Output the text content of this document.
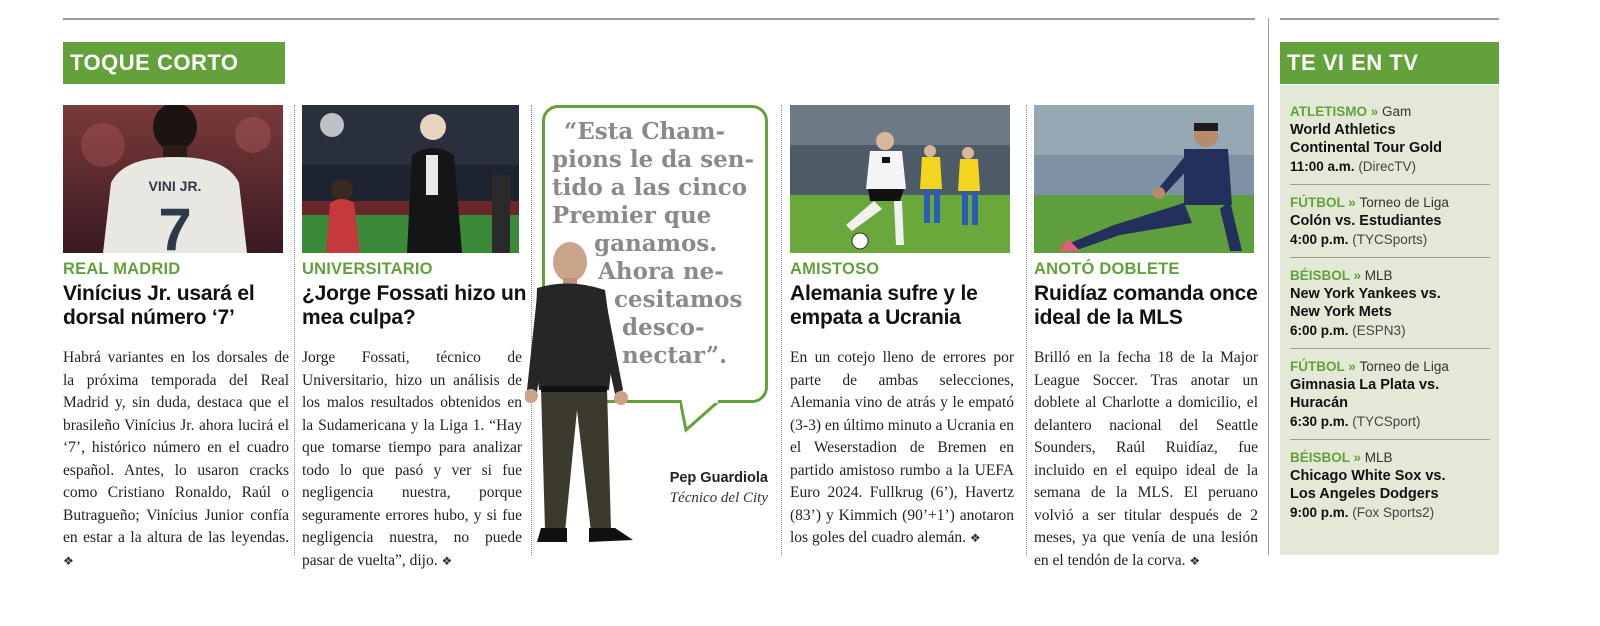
TOQUE CORTO	TE VI EN TV
VINI JR.
7
REAL MADRID
Vinícius Jr. usará el dorsal número ‘7’
Habrá variantes en los dorsales de la próxima temporada del Real Madrid y, sin duda, destaca que el brasileño Vinícius Jr. ahora lucirá el ‘7’, histórico número en el cuadro español. Antes, lo usaron cracks como Cristiano Ronaldo, Raúl o Butragueño; Vinícius Junior confía en estar a la altura de las leyendas. ❖
UNIVERSITARIO
¿Jorge Fossati hizo un mea culpa?
Jorge Fossati, técnico de Universitario, hizo un análisis de los malos resultados obtenidos en la Sudamericana y la Liga 1. “Hay que tomarse tiempo para analizar todo lo que pasó y ver si fue negligencia nuestra, porque seguramente errores hubo, y si fue negligencia nuestra, no puede pasar de vuelta”, dijo. ❖
“Esta Cham-
pions le da sen-
tido a las cinco
Premier que
ganamos.
Ahora ne-
cesitamos
desco-
nectar”.
Pep Guardiola
Técnico del City
AMISTOSO
Alemania sufre y le empata a Ucrania
En un cotejo lleno de errores por parte de ambas selecciones, Alemania vino de atrás y le empató (3-3) en último minuto a Ucrania en el Weserstadion de Bremen en partido amistoso rumbo a la UEFA Euro 2024. Fullkrug (6’), Havertz (83’) y Kimmich (90’+1’) anotaron los goles del cuadro alemán. ❖
ANOTÓ DOBLETE
Ruidíaz comanda once ideal de la MLS
Brilló en la fecha 18 de la Major League Soccer. Tras anotar un doblete al Charlotte a domicilio, el delantero nacional del Seattle Sounders, Raúl Ruidíaz, fue incluido en el equipo ideal de la semana de la MLS. El peruano volvió a ser titular después de 2 meses, ya que venía de una lesión en el tendón de la corva. ❖
ATLETISMO » Gam
World Athletics Continental Tour Gold
11:00 a.m. (DirecTV)
FÚTBOL » Torneo de Liga
Colón vs. Estudiantes
4:00 p.m. (TYCSports)
BÉISBOL » MLB
New York Yankees vs. New York Mets
6:00 p.m. (ESPN3)
FÚTBOL » Torneo de Liga
Gimnasia La Plata vs. Huracán
6:30 p.m. (TYCSport)
BÉISBOL » MLB
Chicago White Sox vs. Los Angeles Dodgers
9:00 p.m. (Fox Sports2)
